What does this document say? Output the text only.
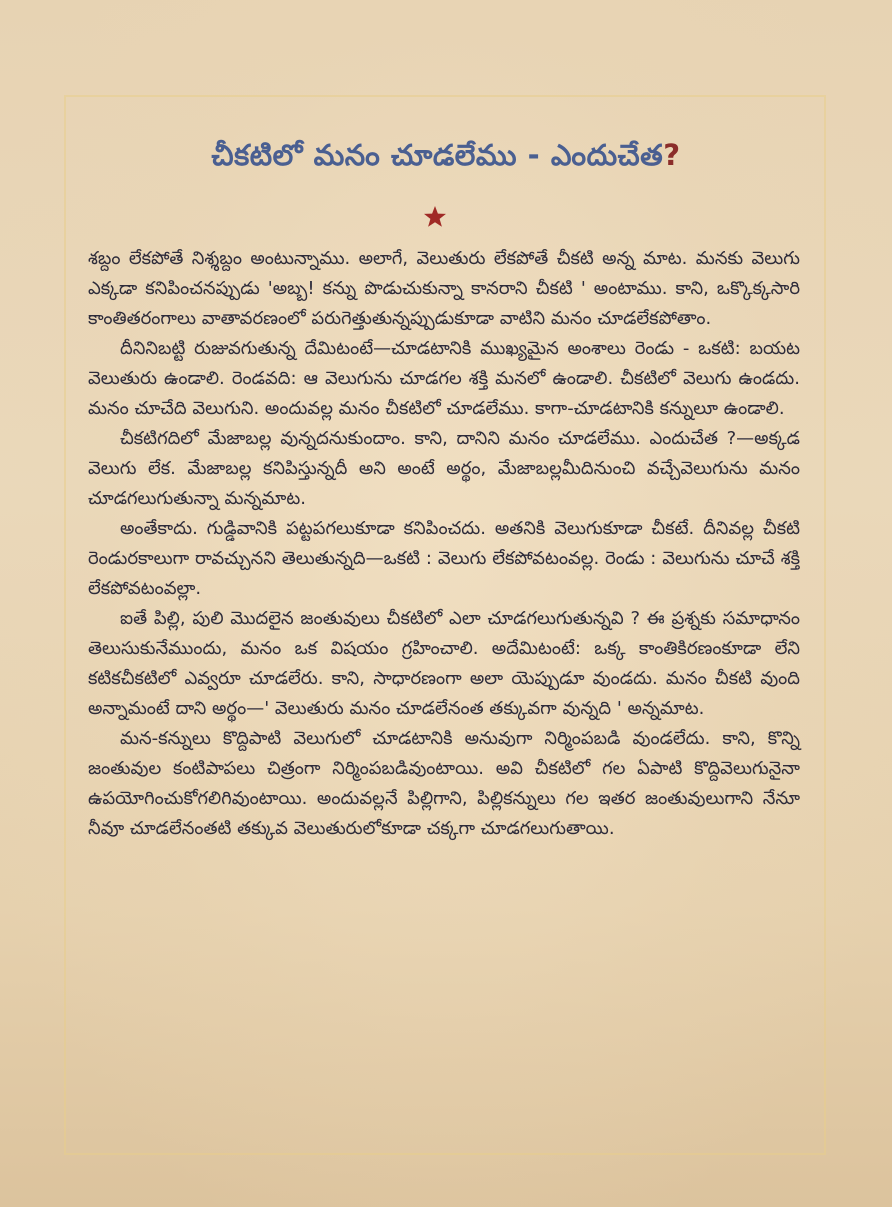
చీకటిలో మనం చూడలేము - ఎందుచేత?

శబ్దం లేకపోతే నిశ్శబ్దం అంటున్నాము. అలాగే, వెలుతురు లేకపోతే చీకటి అన్న మాట. మనకు వెలుగు ఎక్కడా కనిపించనప్పుడు 'అబ్బ! కన్ను పొడుచుకున్నా కానరాని చీకటి ' అంటాము. కాని, ఒక్కొక్కసారి కాంతితరంగాలు వాతావరణంలో పరుగెత్తుతున్నప్పుడుకూడా వాటిని మనం చూడలేకపోతాం.

దీనినిబట్టి రుజువగుతున్న దేమిటంటే—చూడటానికి ముఖ్యమైన అంశాలు రెండు - ఒకటి: బయట వెలుతురు ఉండాలి. రెండవది: ఆ వెలుగును చూడగల శక్తి మనలో ఉండాలి. చీకటిలో వెలుగు ఉండదు. మనం చూచేది వెలుగుని. అందువల్ల మనం చీకటిలో చూడలేము. కాగా-చూడటానికి కన్నులూ ఉండాలి.

చీకటిగదిలో మేజాబల్ల వున్నదనుకుందాం. కాని, దానిని మనం చూడలేము. ఎందుచేత ?—అక్కడ వెలుగు లేక. మేజాబల్ల కనిపిస్తున్నదీ అని అంటే అర్థం, మేజాబల్లమీదినుంచి వచ్చేవెలుగును మనం చూడగలుగుతున్నా మన్నమాట.

అంతేకాదు. గుడ్డివానికి పట్టపగలుకూడా కనిపించదు. అతనికి వెలుగుకూడా చీకటే. దీనివల్ల చీకటి రెండురకాలుగా రావచ్చునని తెలుతున్నది—ఒకటి : వెలుగు లేకపోవటంవల్ల. రెండు : వెలుగును చూచే శక్తి లేకపోవటంవల్లా.

ఐతే పిల్లి, పులి మొదలైన జంతువులు చీకటిలో ఎలా చూడగలుగుతున్నవి ? ఈ ప్రశ్నకు సమాధానం తెలుసుకునేముందు, మనం ఒక విషయం గ్రహించాలి. అదేమిటంటే: ఒక్క కాంతికిరణంకూడా లేని కటికచీకటిలో ఎవ్వరూ చూడలేరు. కాని, సాధారణంగా అలా యెప్పుడూ వుండదు. మనం చీకటి వుంది అన్నామంటే దాని అర్థం—' వెలుతురు మనం చూడలేనంత తక్కువగా వున్నది ' అన్నమాట.

మన-కన్నులు కొద్దిపాటి వెలుగులో చూడటానికి అనువుగా నిర్మింపబడి వుండలేదు. కాని, కొన్ని జంతువుల కంటిపాపలు చిత్రంగా నిర్మింపబడివుంటాయి. అవి చీకటిలో గల ఏపాటి కొద్దివెలుగునైనా ఉపయోగించుకోగలిగివుంటాయి. అందువల్లనే పిల్లిగాని, పిల్లికన్నులు గల ఇతర జంతువులుగాని నేనూ నీవూ చూడలేనంతటి తక్కువ వెలుతురులోకూడా చక్కగా చూడగలుగుతాయి.
